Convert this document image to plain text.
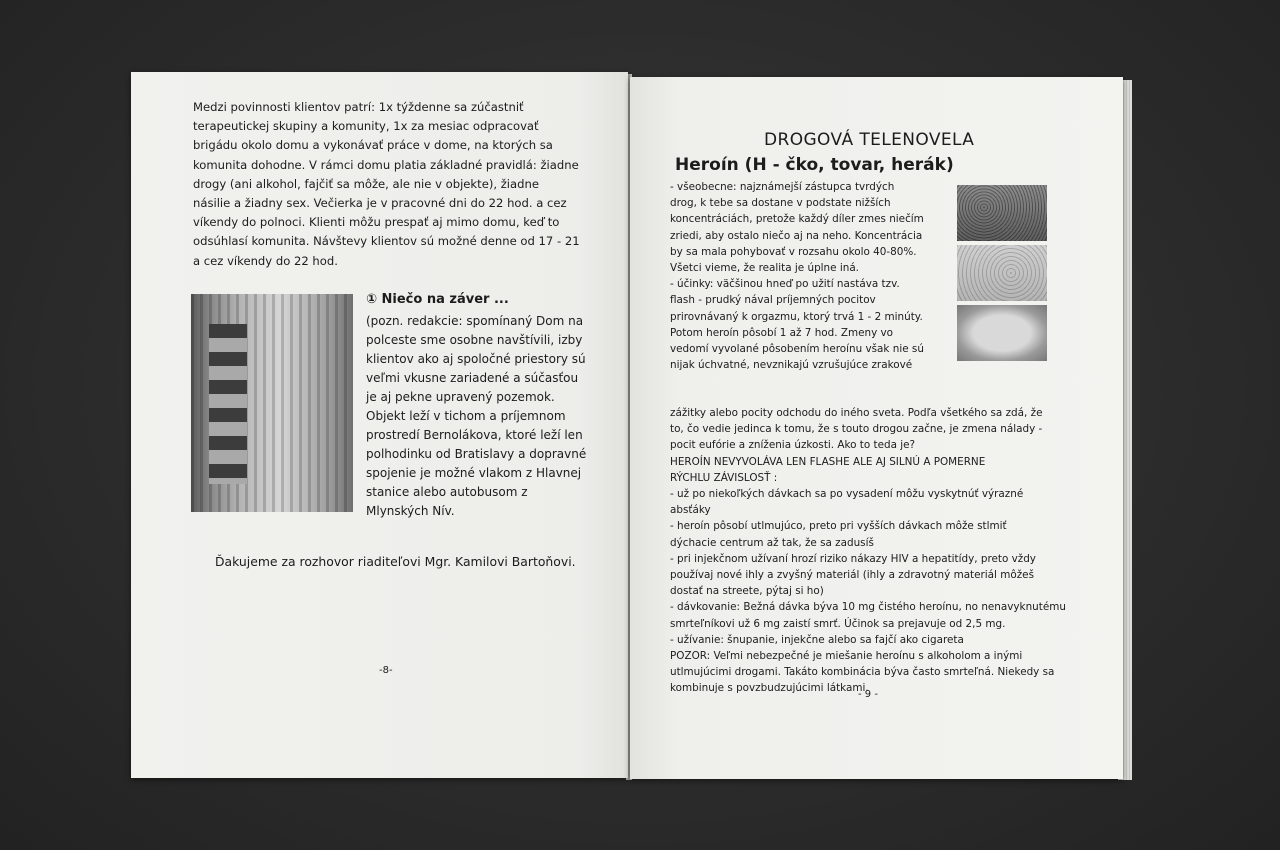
Medzi povinnosti klientov patrí: 1x týždenne sa zúčastniť
terapeutickej skupiny a komunity, 1x za mesiac odpracovať
brigádu okolo domu a vykonávať práce v dome, na ktorých sa
komunita dohodne. V rámci domu platia základné pravidlá: žiadne
drogy (ani alkohol, fajčiť sa môže, ale nie v objekte), žiadne
násilie a žiadny sex. Večierka je v pracovné dni do 22 hod. a cez
víkendy do polnoci. Klienti môžu prespať aj mimo domu, keď to
odsúhlasí komunita. Návštevy klientov sú možné denne od 17 - 21
a cez víkendy do 22 hod.
① Niečo na záver ...
(pozn. redakcie: spomínaný Dom na
polceste sme osobne navštívili, izby
klientov ako aj spoločné priestory sú
veľmi vkusne zariadené a súčasťou
je aj pekne upravený pozemok.
Objekt leží v tichom a príjemnom
prostredí Bernolákova, ktoré leží len
polhodinku od Bratislavy a dopravné
spojenie je možné vlakom z Hlavnej
stanice alebo autobusom z
Mlynských Nív.
Ďakujeme za rozhovor riaditeľovi Mgr. Kamilovi Bartoňovi.
-8-
DROGOVÁ TELENOVELA
Heroín (H - čko, tovar, herák)
- všeobecne: najznámejší zástupca tvrdých
drog, k tebe sa dostane v podstate nižších
koncentráciách, pretože každý díler zmes niečím
zriedi, aby ostalo niečo aj na neho. Koncentrácia
by sa mala pohybovať v rozsahu okolo 40-80%.
Všetci vieme, že realita je úplne iná.
- účinky: väčšinou hneď po užití nastáva tzv.
flash - prudký nával príjemných pocitov
prirovnávaný k orgazmu, ktorý trvá 1 - 2 minúty.
Potom heroín pôsobí 1 až 7 hod. Zmeny vo
vedomí vyvolané pôsobením heroínu však nie sú
nijak úchvatné, nevznikajú vzrušujúce zrakové
zážitky alebo pocity odchodu do iného sveta. Podľa všetkého sa zdá, že
to, čo vedie jedinca k tomu, že s touto drogou začne, je zmena nálady -
pocit eufórie a zníženia úzkosti. Ako to teda je?
HEROÍN NEVYVOLÁVA LEN FLASHE ALE AJ SILNÚ A POMERNE
RÝCHLU ZÁVISLOSŤ :
- už po niekoľkých dávkach sa po vysadení môžu vyskytnúť výrazné
absťáky
- heroín pôsobí utlmujúco, preto pri vyšších dávkach môže stlmiť
dýchacie centrum až tak, že sa zadusíš
- pri injekčnom užívaní hrozí riziko nákazy HIV a hepatitídy, preto vždy
používaj nové ihly a zvyšný materiál (ihly a zdravotný materiál môžeš
dostať na streete, pýtaj si ho)
- dávkovanie: Bežná dávka býva 10 mg čistého heroínu, no nenavyknutému
smrteľníkovi už 6 mg zaistí smrť. Účinok sa prejavuje od 2,5 mg.
- užívanie: šnupanie, injekčne alebo sa fajčí ako cigareta
POZOR: Veľmi nebezpečné je miešanie heroínu s alkoholom a inými
utlmujúcimi drogami. Takáto kombinácia býva často smrteľná. Niekedy sa
kombinuje s povzbudzujúcimi látkami.
- 9 -
